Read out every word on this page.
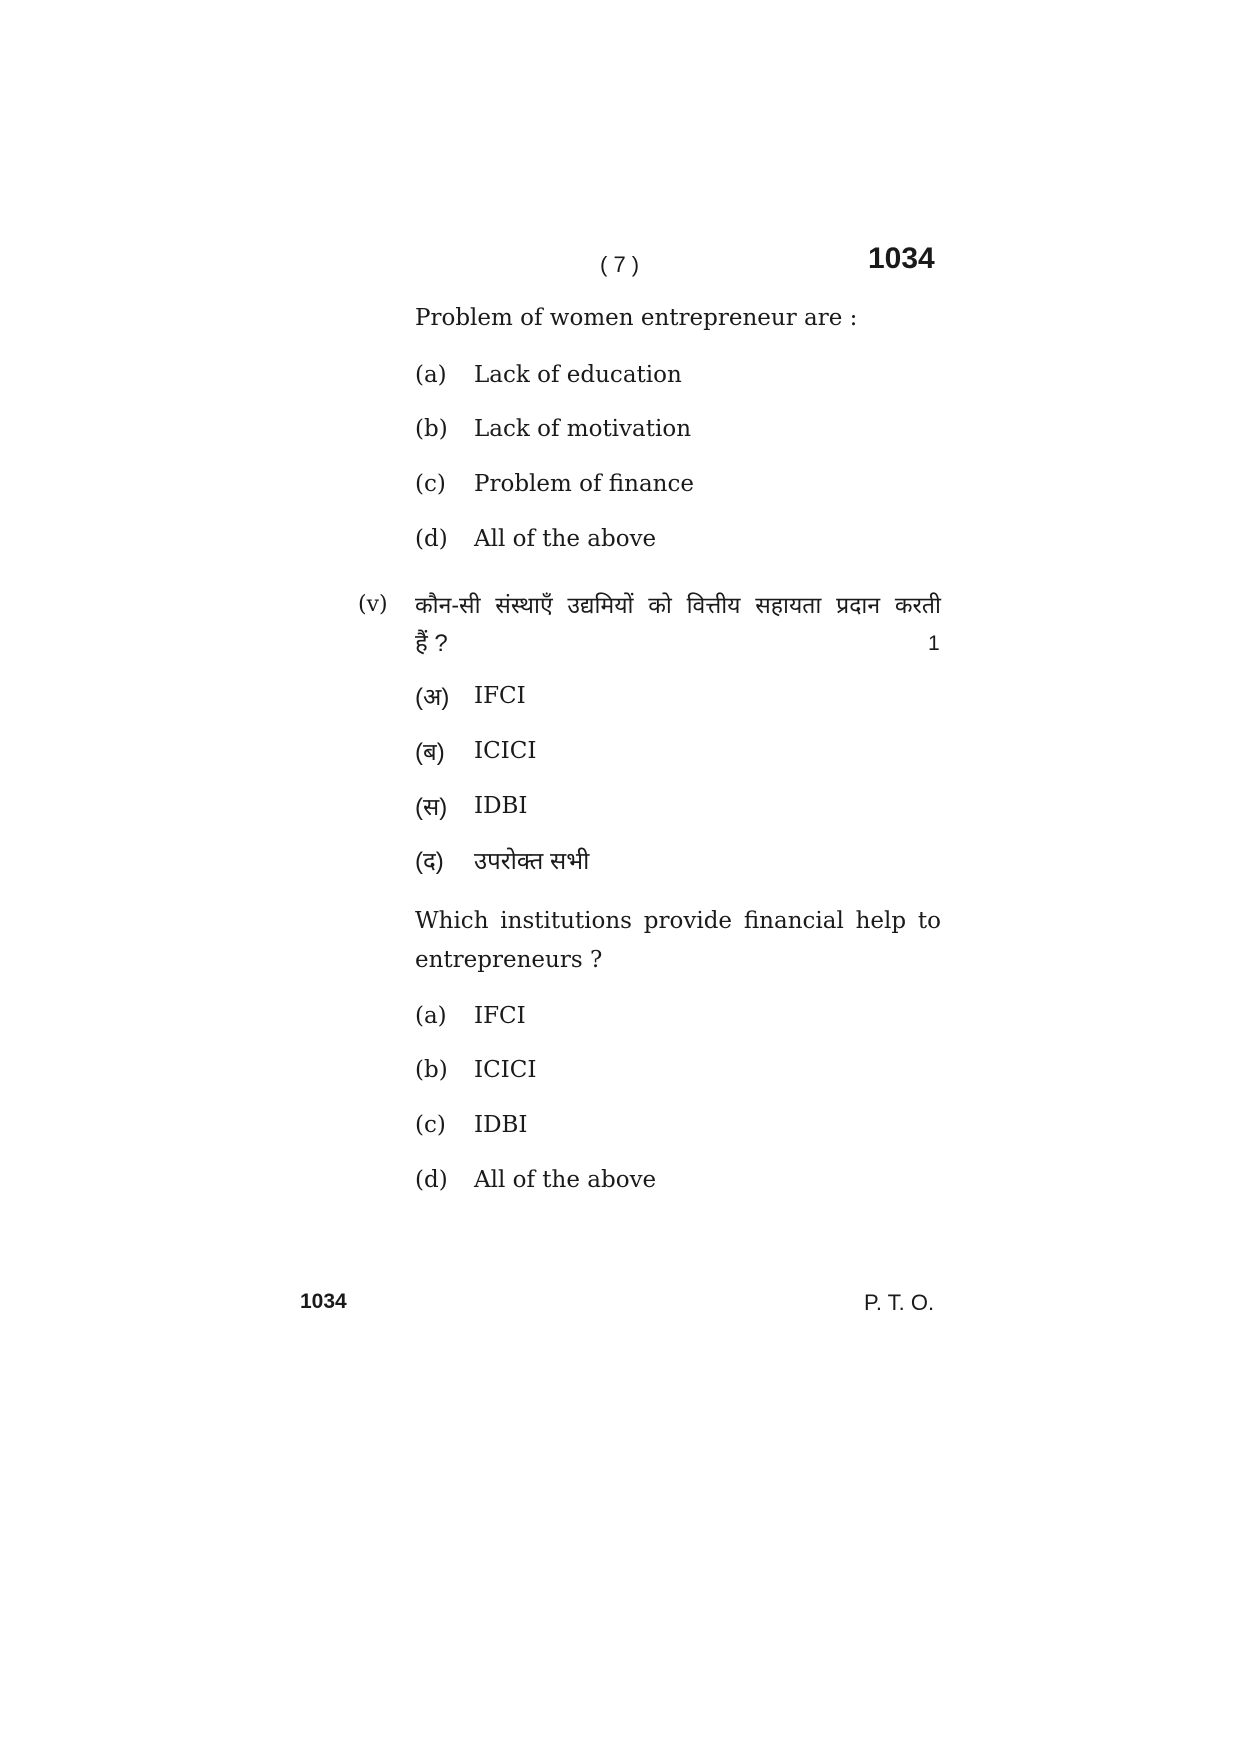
( 7 )	1034
Problem of women entrepreneur are :
(a) Lack of education
(b) Lack of motivation
(c) Problem of finance
(d) All of the above
(v) कौन-सी संस्थाएँ उद्यमियों को वित्तीय सहायता प्रदान करती
हैं ?	1
(अ) IFCI
(ब) ICICI
(स) IDBI
(द) उपरोक्त सभी
Which institutions provide financial help to
entrepreneurs ?
(a) IFCI
(b) ICICI
(c) IDBI
(d) All of the above
1034	P. T. O.
